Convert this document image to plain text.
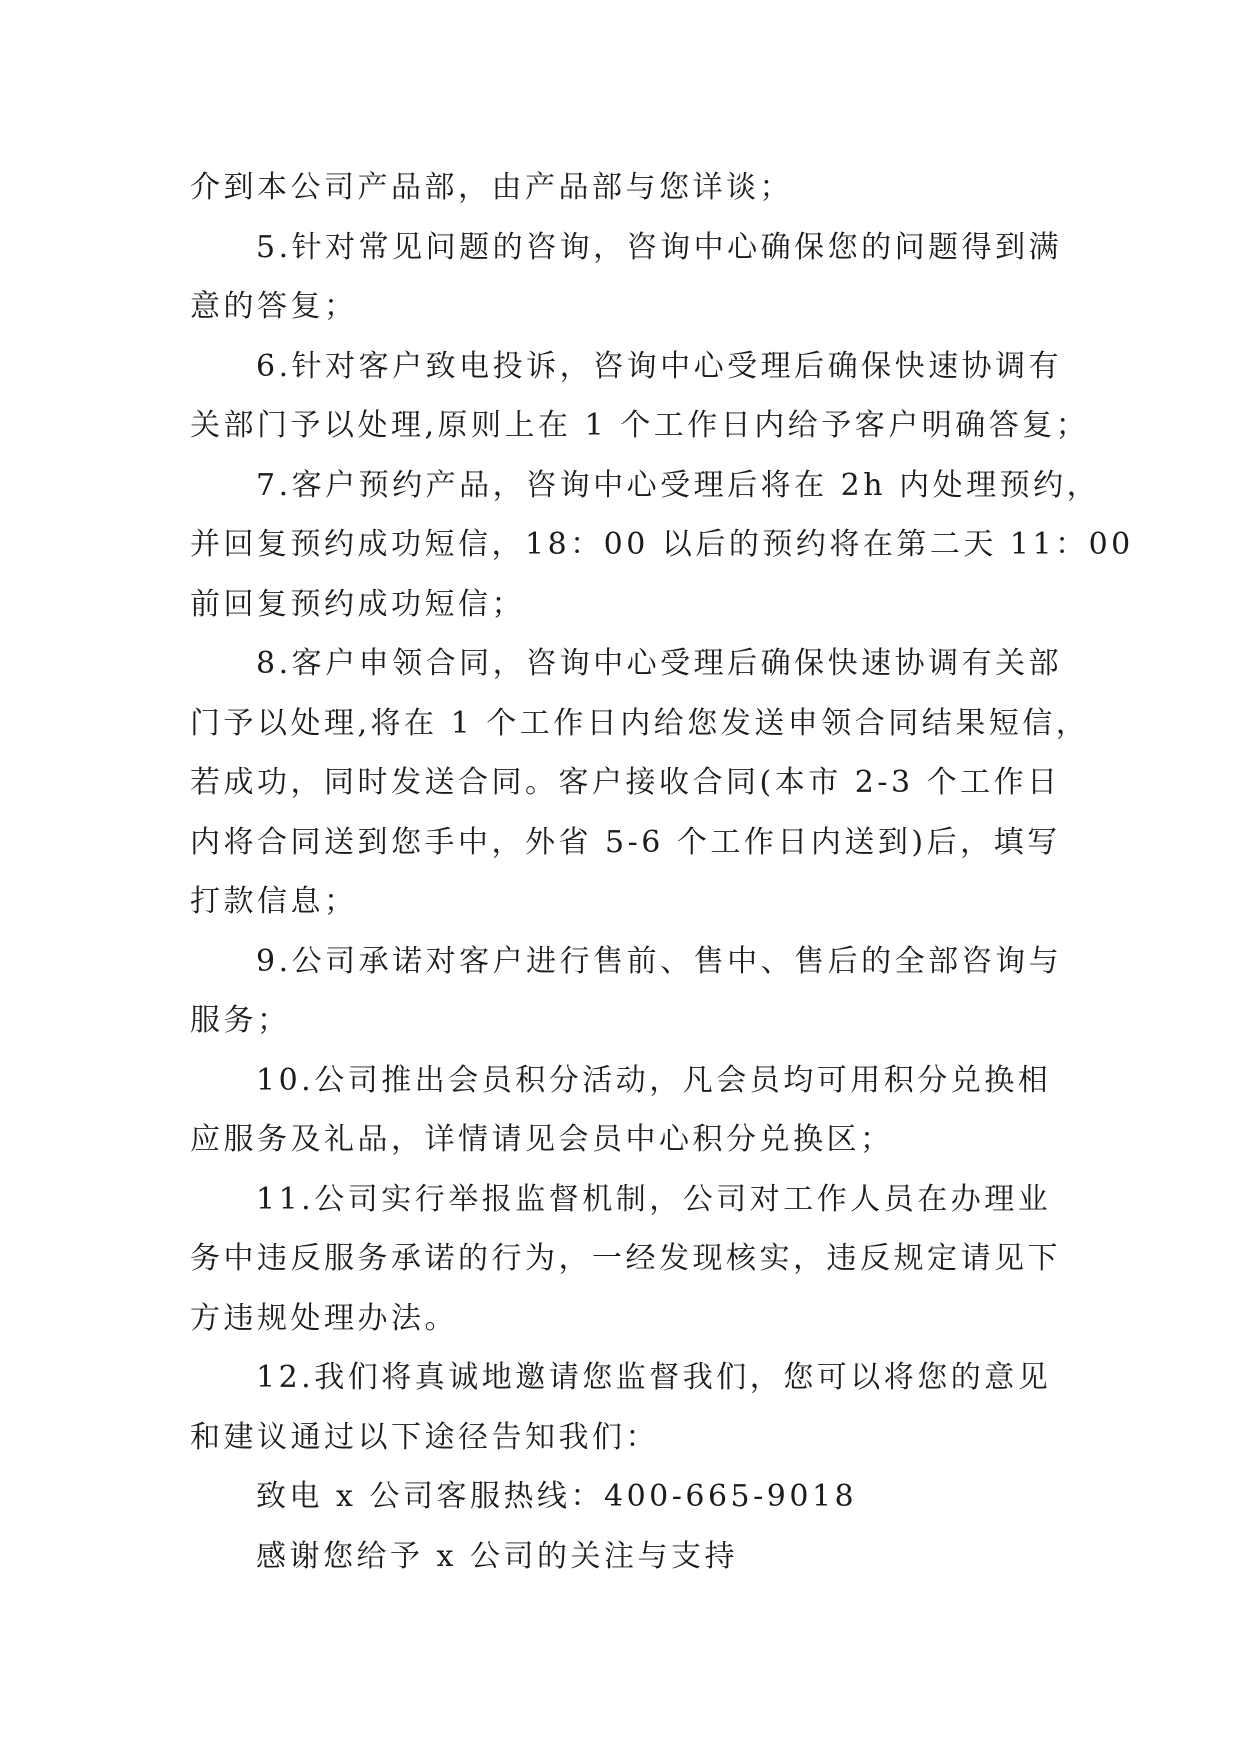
介到本公司产品部，由产品部与您详谈；
5.针对常见问题的咨询，咨询中心确保您的问题得到满
意的答复；
6.针对客户致电投诉，咨询中心受理后确保快速协调有
关部门予以处理,原则上在 1 个工作日内给予客户明确答复；
7.客户预约产品，咨询中心受理后将在 2h 内处理预约，
并回复预约成功短信，18：00 以后的预约将在第二天 11：00
前回复预约成功短信；
8.客户申领合同，咨询中心受理后确保快速协调有关部
门予以处理,将在 1 个工作日内给您发送申领合同结果短信，
若成功，同时发送合同。客户接收合同(本市 2-3 个工作日
内将合同送到您手中，外省 5-6 个工作日内送到)后，填写
打款信息；
9.公司承诺对客户进行售前、售中、售后的全部咨询与
服务；
10.公司推出会员积分活动，凡会员均可用积分兑换相
应服务及礼品，详情请见会员中心积分兑换区；
11.公司实行举报监督机制，公司对工作人员在办理业
务中违反服务承诺的行为，一经发现核实，违反规定请见下
方违规处理办法。
12.我们将真诚地邀请您监督我们，您可以将您的意见
和建议通过以下途径告知我们：
致电 x 公司客服热线：400-665-9018
感谢您给予 x 公司的关注与支持
